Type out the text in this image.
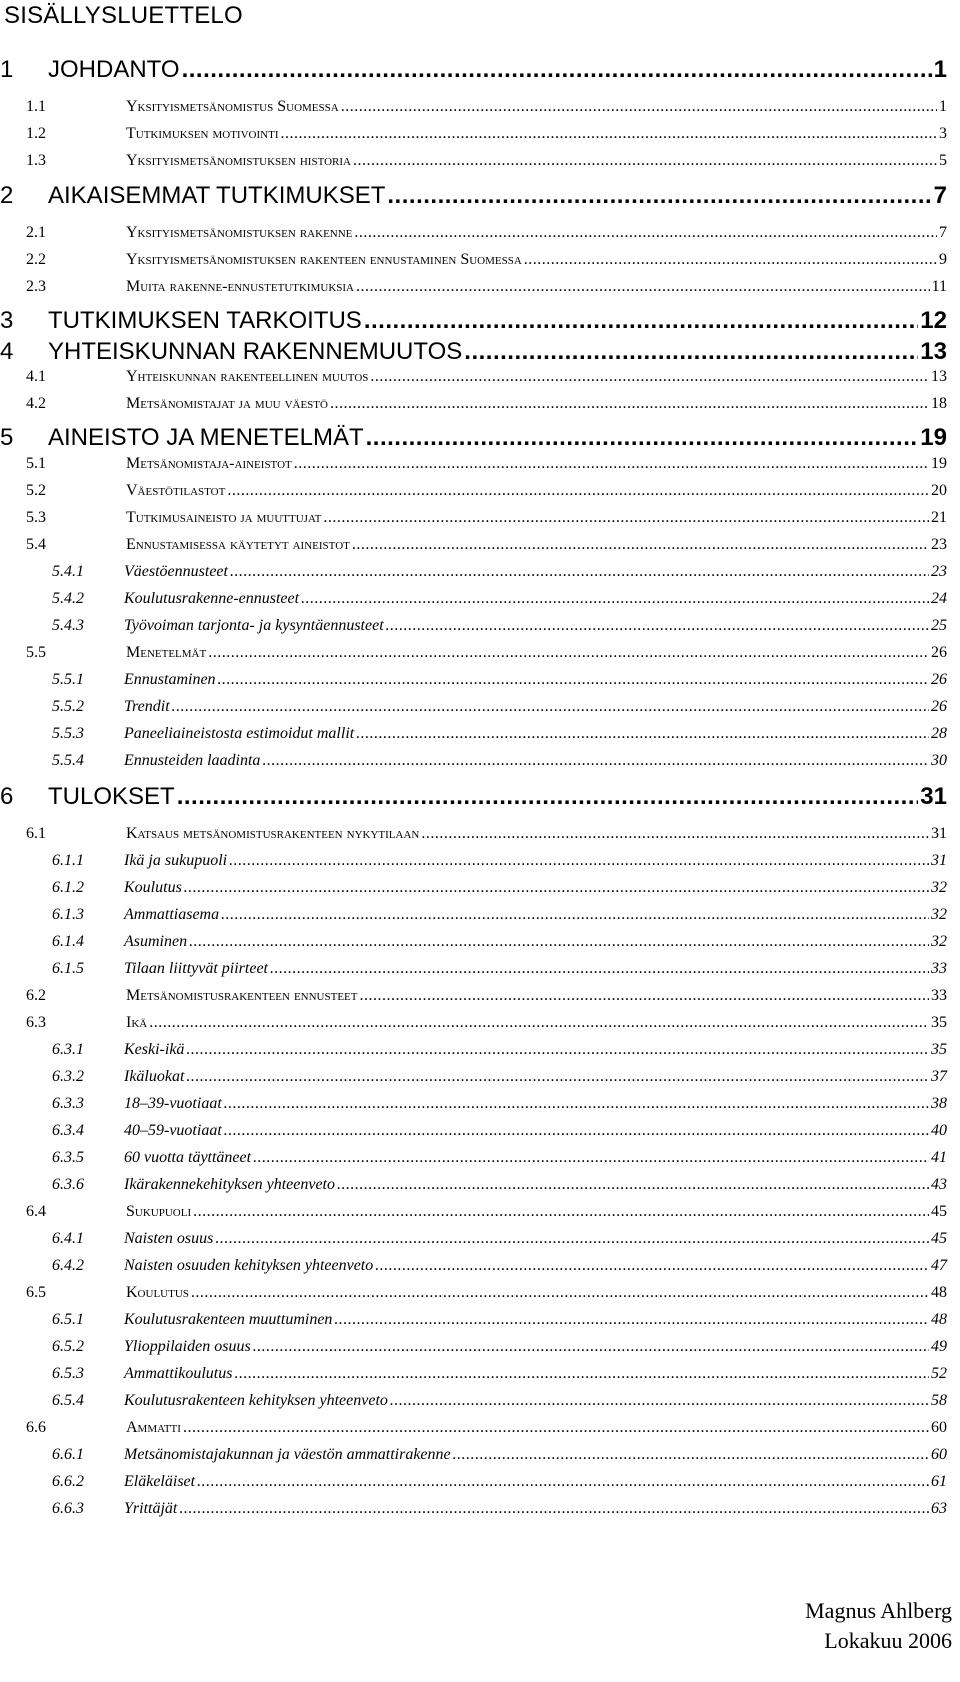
SISÄLLYSLUETTELO
1	JOHDANTO .....	1
1.1	Yksityismetsänomistus Suomessa .....	1
1.2	Tutkimuksen motivointi .....	3
1.3	Yksityismetsänomistuksen historia .....	5
2	AIKAISEMMAT TUTKIMUKSET .....	7
2.1	Yksityismetsänomistuksen rakenne .....	7
2.2	Yksityismetsänomistuksen rakenteen ennustaminen Suomessa .....	9
2.3	Muita rakenne-ennustetutkimuksia .....	11
3	TUTKIMUKSEN TARKOITUS .....	12
4	YHTEISKUNNAN RAKENNEMUUTOS .....	13
4.1	Yhteiskunnan rakenteellinen muutos .....	13
4.2	Metsänomistajat ja muu väestö .....	18
5	AINEISTO JA MENETELMÄT .....	19
5.1	Metsänomistaja-aineistot .....	19
5.2	Väestötilastot .....	20
5.3	Tutkimusaineisto ja muuttujat .....	21
5.4	Ennustamisessa käytetyt aineistot .....	23
5.4.1	Väestöennusteet .....	23
5.4.2	Koulutusrakenne-ennusteet .....	24
5.4.3	Työvoiman tarjonta- ja kysyntäennusteet .....	25
5.5	Menetelmät .....	26
5.5.1	Ennustaminen .....	26
5.5.2	Trendit .....	26
5.5.3	Paneeliaineistosta estimoidut mallit .....	28
5.5.4	Ennusteiden laadinta .....	30
6	TULOKSET .....	31
6.1	Katsaus metsänomistusrakenteen nykytilaan .....	31
6.1.1	Ikä ja sukupuoli .....	31
6.1.2	Koulutus .....	32
6.1.3	Ammattiasema .....	32
6.1.4	Asuminen .....	32
6.1.5	Tilaan liittyvät piirteet .....	33
6.2	Metsänomistusrakenteen ennusteet .....	33
6.3	Ikä .....	35
6.3.1	Keski-ikä .....	35
6.3.2	Ikäluokat .....	37
6.3.3	18–39-vuotiaat .....	38
6.3.4	40–59-vuotiaat .....	40
6.3.5	60 vuotta täyttäneet .....	41
6.3.6	Ikärakennekehityksen yhteenveto .....	43
6.4	Sukupuoli .....	45
6.4.1	Naisten osuus .....	45
6.4.2	Naisten osuuden kehityksen yhteenveto .....	47
6.5	Koulutus .....	48
6.5.1	Koulutusrakenteen muuttuminen .....	48
6.5.2	Ylioppilaiden osuus .....	49
6.5.3	Ammattikoulutus .....	52
6.5.4	Koulutusrakenteen kehityksen yhteenveto .....	58
6.6	Ammatti .....	60
6.6.1	Metsänomistajakunnan ja väestön ammattirakenne .....	60
6.6.2	Eläkeläiset .....	61
6.6.3	Yrittäjät .....	63
Magnus Ahlberg
Lokakuu 2006
